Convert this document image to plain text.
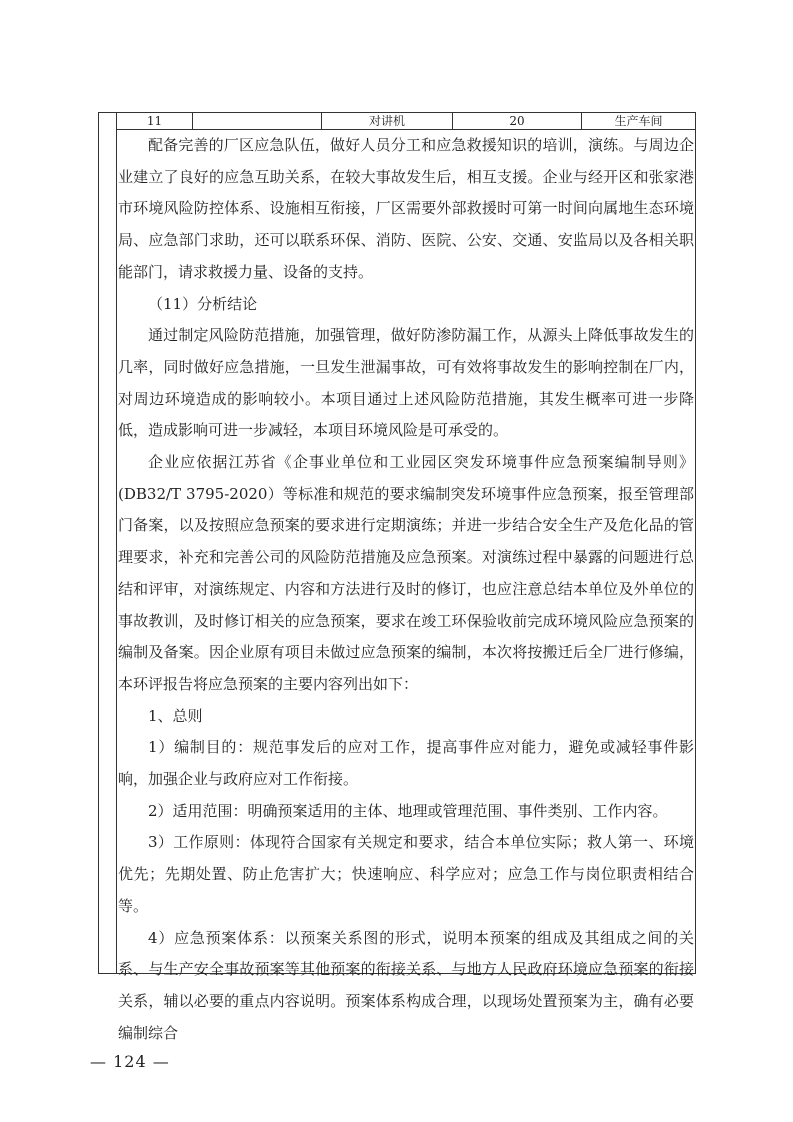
11		对讲机	20	生产车间

配备完善的厂区应急队伍，做好人员分工和应急救援知识的培训，演练。与周边企业建立了良好的应急互助关系，在较大事故发生后，相互支援。企业与经开区和张家港市环境风险防控体系、设施相互衔接，厂区需要外部救援时可第一时间向属地生态环境局、应急部门求助，还可以联系环保、消防、医院、公安、交通、安监局以及各相关职能部门，请求救援力量、设备的支持。

（11）分析结论

通过制定风险防范措施，加强管理，做好防渗防漏工作，从源头上降低事故发生的几率，同时做好应急措施，一旦发生泄漏事故，可有效将事故发生的影响控制在厂内，对周边环境造成的影响较小。本项目通过上述风险防范措施，其发生概率可进一步降低，造成影响可进一步减轻，本项目环境风险是可承受的。

企业应依据江苏省《企事业单位和工业园区突发环境事件应急预案编制导则》(DB32/T 3795-2020）等标准和规范的要求编制突发环境事件应急预案，报至管理部门备案，以及按照应急预案的要求进行定期演练；并进一步结合安全生产及危化品的管理要求，补充和完善公司的风险防范措施及应急预案。对演练过程中暴露的问题进行总结和评审，对演练规定、内容和方法进行及时的修订，也应注意总结本单位及外单位的事故教训，及时修订相关的应急预案，要求在竣工环保验收前完成环境风险应急预案的编制及备案。因企业原有项目未做过应急预案的编制，本次将按搬迁后全厂进行修编，本环评报告将应急预案的主要内容列出如下：

1、总则

1）编制目的：规范事发后的应对工作，提高事件应对能力，避免或减轻事件影响，加强企业与政府应对工作衔接。

2）适用范围：明确预案适用的主体、地理或管理范围、事件类别、工作内容。

3）工作原则：体现符合国家有关规定和要求，结合本单位实际；救人第一、环境优先；先期处置、防止危害扩大；快速响应、科学应对；应急工作与岗位职责相结合等。

4）应急预案体系：以预案关系图的形式，说明本预案的组成及其组成之间的关系、与生产安全事故预案等其他预案的衔接关系、与地方人民政府环境应急预案的衔接关系，辅以必要的重点内容说明。预案体系构成合理，以现场处置预案为主，确有必要编制综合

— 124 —
